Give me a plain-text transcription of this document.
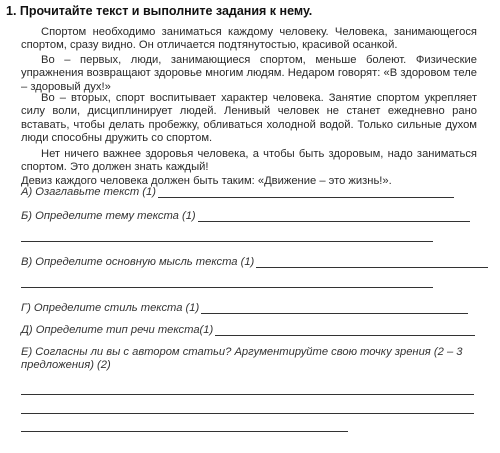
1. Прочитайте текст и выполните задания к нему.
Спортом необходимо заниматься каждому человеку. Человека, занимающегося спортом, сразу видно. Он отличается подтянутостью, красивой осанкой.
Во – первых, люди, занимающиеся спортом, меньше болеют. Физические упражнения возвращают здоровье многим людям. Недаром говорят: «В здоровом теле – здоровый дух!»
Во – вторых, спорт воспитывает характер человека. Занятие спортом укрепляет силу воли, дисциплинирует людей. Ленивый человек не станет ежедневно рано вставать, чтобы делать пробежку, обливаться холодной водой. Только сильные духом люди способны дружить со спортом.
Нет ничего важнее здоровья человека, а чтобы быть здоровым, надо заниматься спортом. Это должен знать каждый!
Девиз каждого человека должен быть таким: «Движение – это жизнь!».
А) Озаглавьте текст (1)
Б) Определите тему текста (1)
В) Определите основную мысль текста (1)
Г) Определите стиль текста (1)
Д) Определите тип речи текста(1)
Е) Согласны ли вы с автором статьи? Аргументируйте свою точку зрения (2 – 3 предложения) (2)
